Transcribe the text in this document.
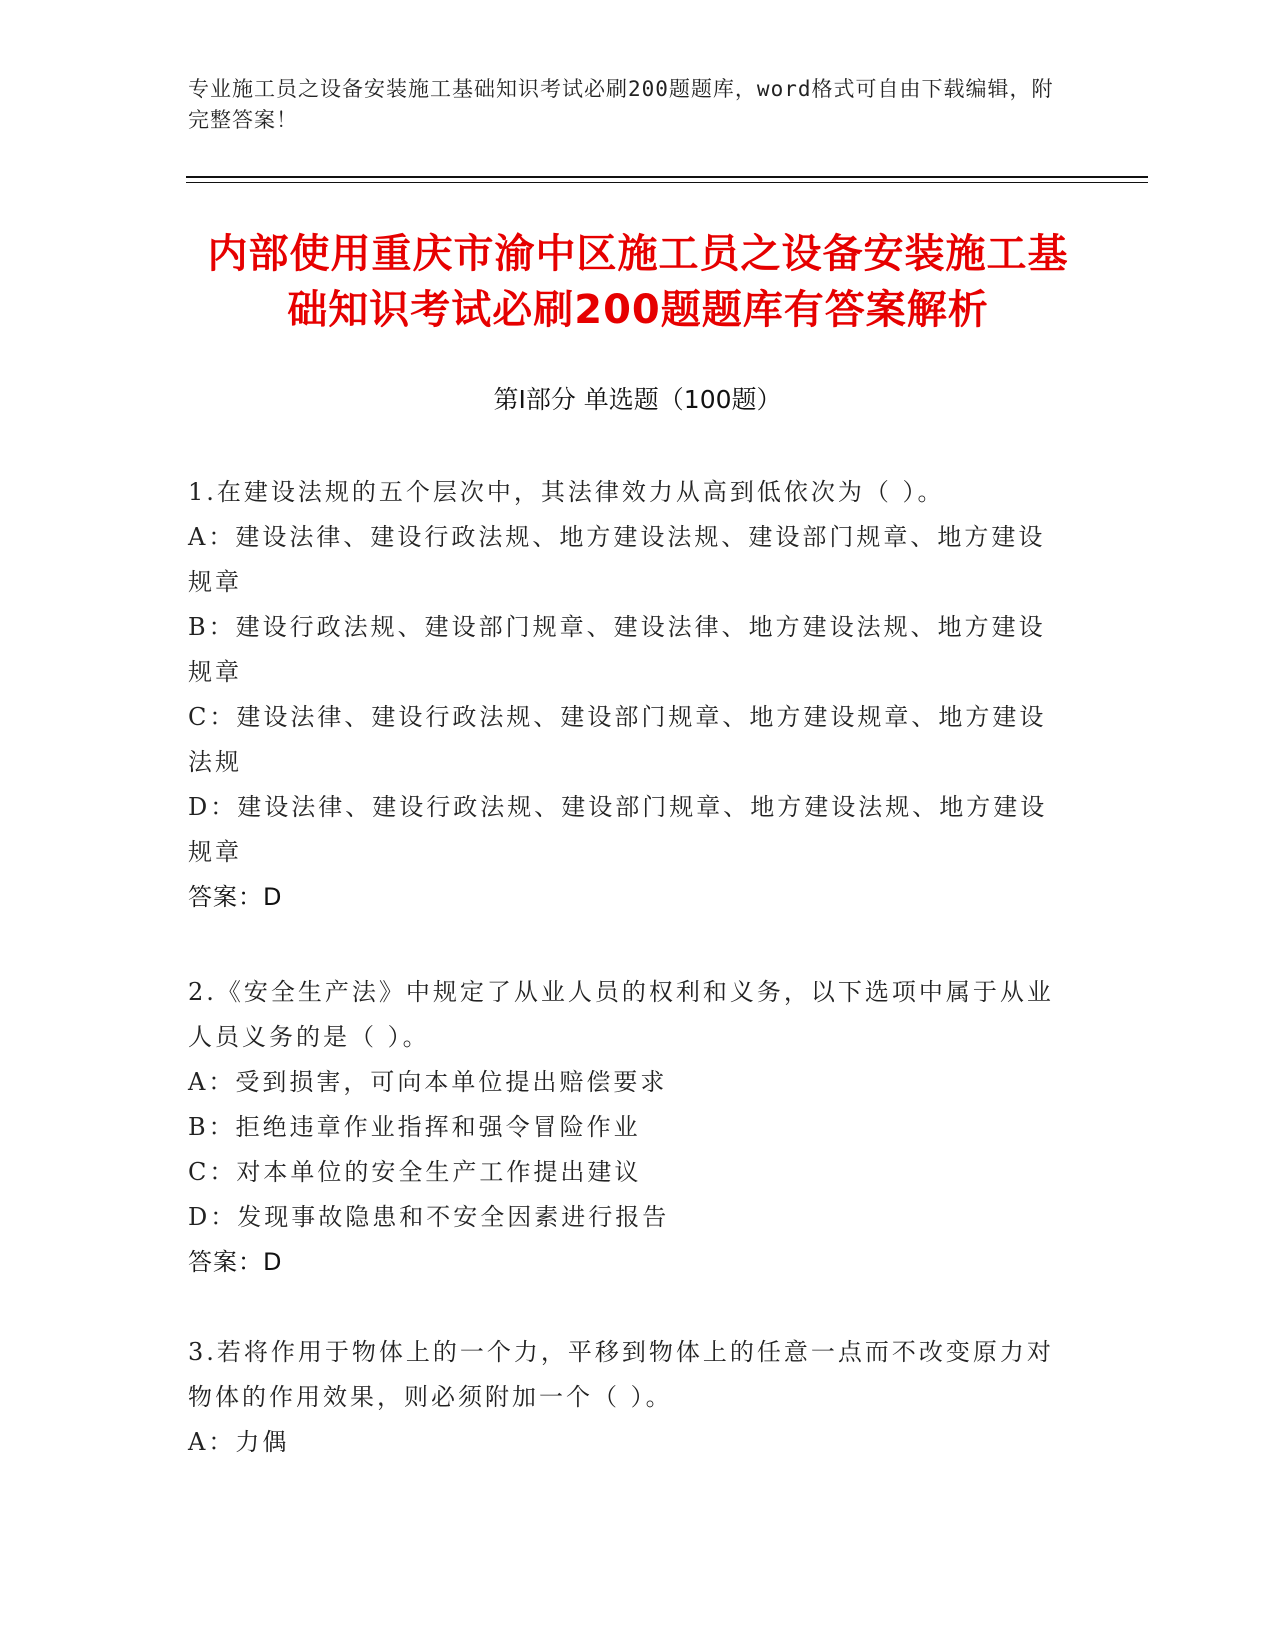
专业施工员之设备安装施工基础知识考试必刷200题题库，word格式可自由下载编辑，附完整答案！
内部使用重庆市渝中区施工员之设备安装施工基础知识考试必刷200题题库有答案解析
第Ⅰ部分 单选题（100题）
1.在建设法规的五个层次中，其法律效力从高到低依次为（ ）。
A：建设法律、建设行政法规、地方建设法规、建设部门规章、地方建设规章
B：建设行政法规、建设部门规章、建设法律、地方建设法规、地方建设规章
C：建设法律、建设行政法规、建设部门规章、地方建设规章、地方建设法规
D：建设法律、建设行政法规、建设部门规章、地方建设法规、地方建设规章
答案：D
2.《安全生产法》中规定了从业人员的权利和义务，以下选项中属于从业人员义务的是（ ）。
A：受到损害，可向本单位提出赔偿要求
B：拒绝违章作业指挥和强令冒险作业
C：对本单位的安全生产工作提出建议
D：发现事故隐患和不安全因素进行报告
答案：D
3.若将作用于物体上的一个力，平移到物体上的任意一点而不改变原力对物体的作用效果，则必须附加一个（ ）。
A：力偶
